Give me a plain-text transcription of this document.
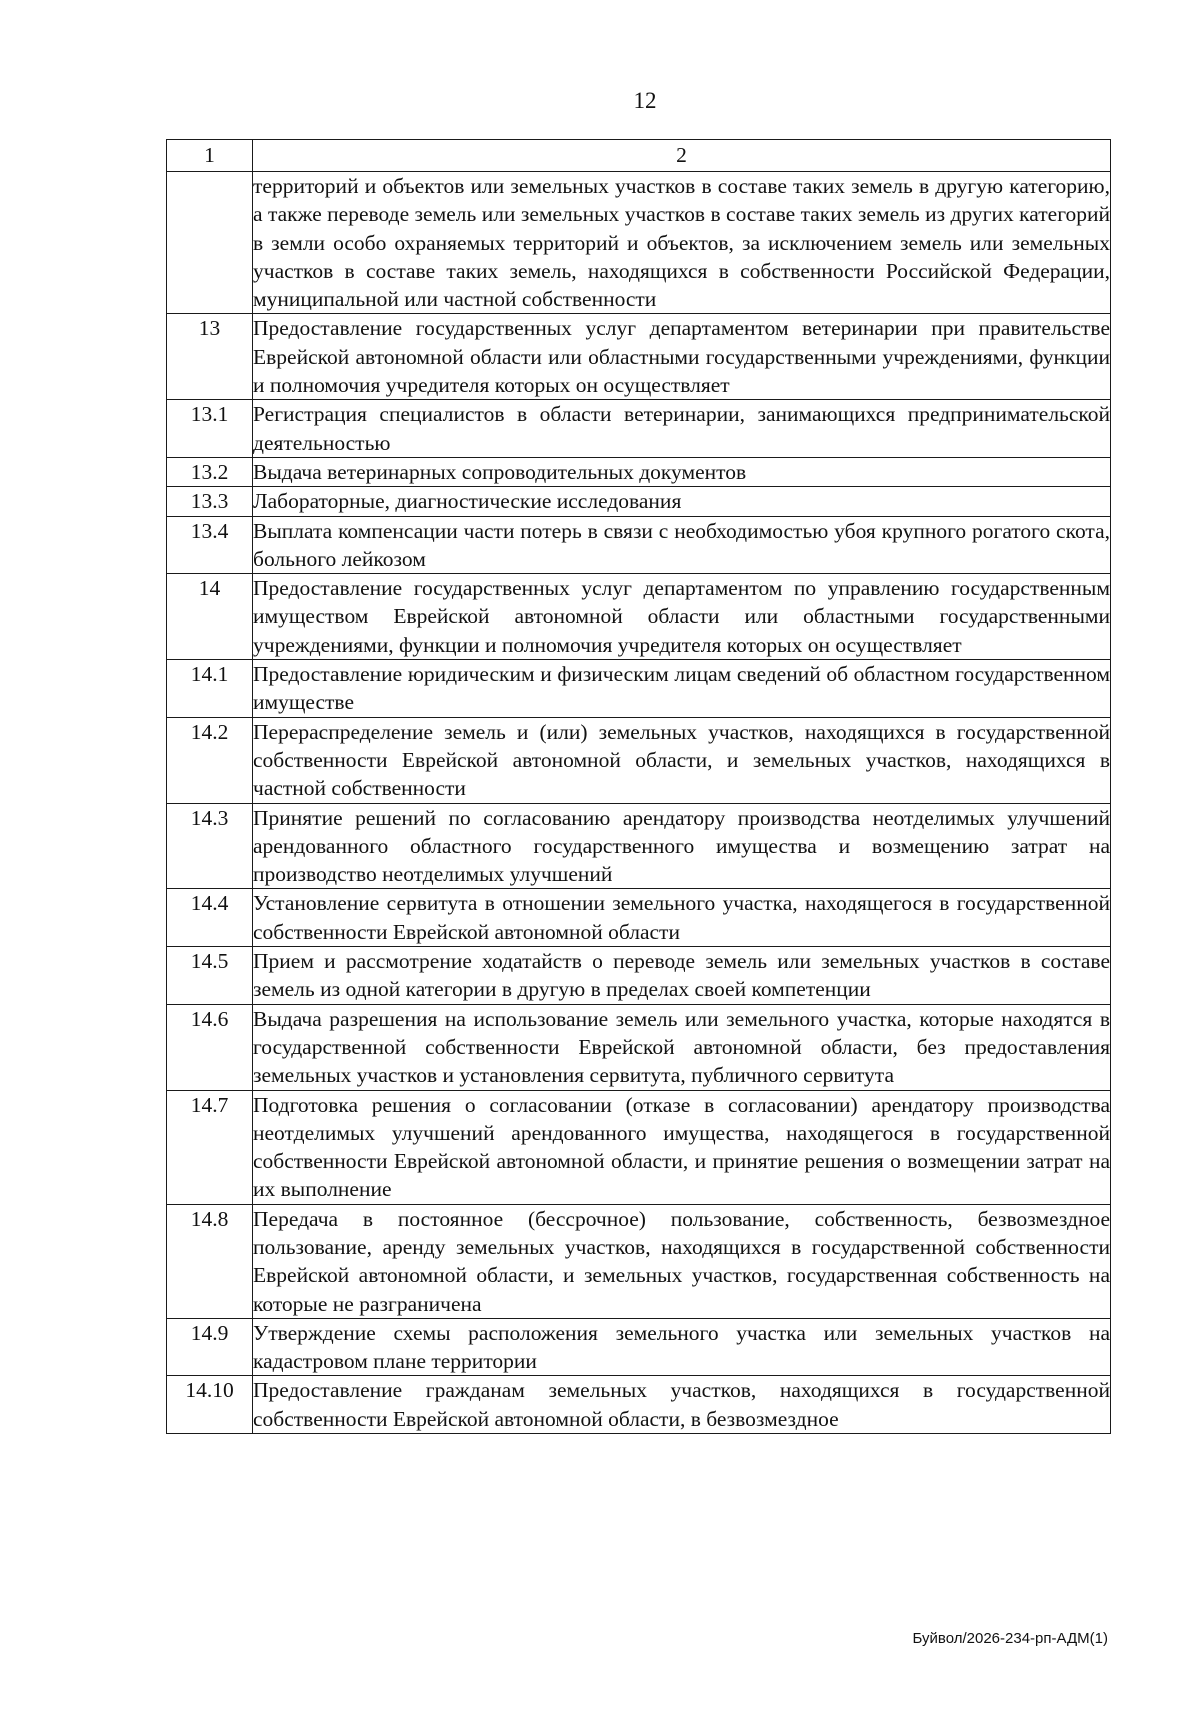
12
1	2
	территорий и объектов или земельных участков в составе таких земель в другую категорию, а также переводе земель или земельных участков в составе таких земель из других категорий в земли особо охраняемых территорий и объектов, за исключением земель или земельных участков в составе таких земель, находящихся в собственности Российской Федерации, муниципальной или частной собственности
13	Предоставление государственных услуг департаментом ветеринарии при правительстве Еврейской автономной области или областными государственными учреждениями, функции и полномочия учредителя которых он осуществляет
13.1	Регистрация специалистов в области ветеринарии, занимающихся предпринимательской деятельностью
13.2	Выдача ветеринарных сопроводительных документов
13.3	Лабораторные, диагностические исследования
13.4	Выплата компенсации части потерь в связи с необходимостью убоя крупного рогатого скота, больного лейкозом
14	Предоставление государственных услуг департаментом по управлению государственным имуществом Еврейской автономной области или областными государственными учреждениями, функции и полномочия учредителя которых он осуществляет
14.1	Предоставление юридическим и физическим лицам сведений об областном государственном имуществе
14.2	Перераспределение земель и (или) земельных участков, находящихся в государственной собственности Еврейской автономной области, и земельных участков, находящихся в частной собственности
14.3	Принятие решений по согласованию арендатору производства неотделимых улучшений арендованного областного государственного имущества и возмещению затрат на производство неотделимых улучшений
14.4	Установление сервитута в отношении земельного участка, находящегося в государственной собственности Еврейской автономной области
14.5	Прием и рассмотрение ходатайств о переводе земель или земельных участков в составе земель из одной категории в другую в пределах своей компетенции
14.6	Выдача разрешения на использование земель или земельного участка, которые находятся в государственной собственности Еврейской автономной области, без предоставления земельных участков и установления сервитута, публичного сервитута
14.7	Подготовка решения о согласовании (отказе в согласовании) арендатору производства неотделимых улучшений арендованного имущества, находящегося в государственной собственности Еврейской автономной области, и принятие решения о возмещении затрат на их выполнение
14.8	Передача в постоянное (бессрочное) пользование, собственность, безвозмездное пользование, аренду земельных участков, находящихся в государственной собственности Еврейской автономной области, и земельных участков, государственная собственность на которые не разграничена
14.9	Утверждение схемы расположения земельного участка или земельных участков на кадастровом плане территории
14.10	Предоставление гражданам земельных участков, находящихся в государственной собственности Еврейской автономной области, в безвозмездное
Буйвол/2026-234-рп-АДМ(1)
